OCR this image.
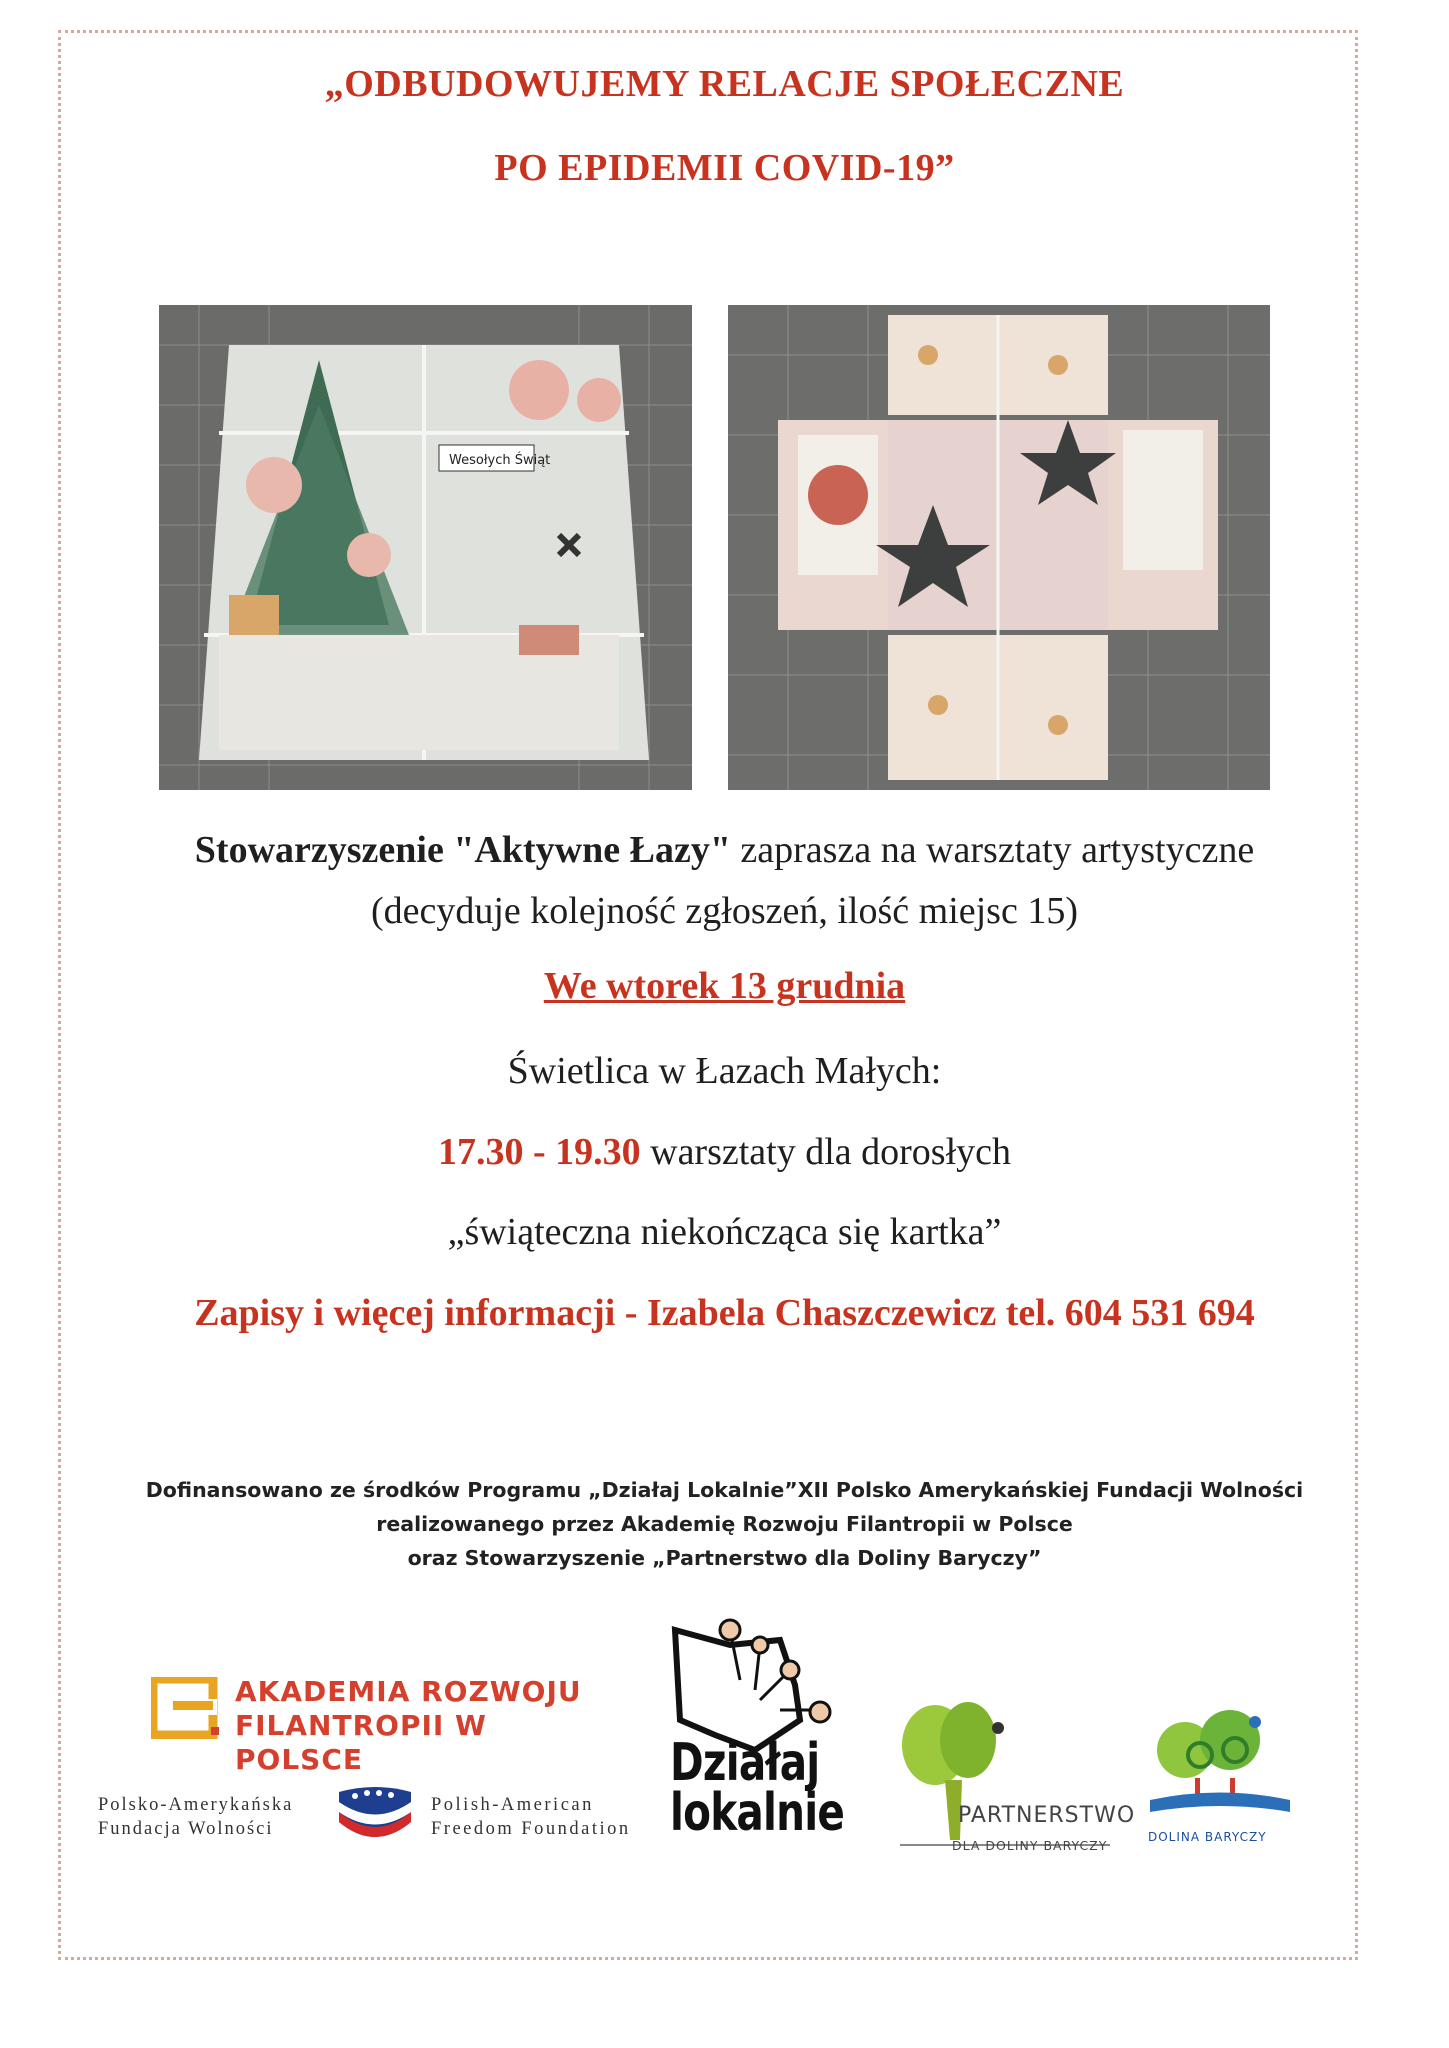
„ODBUDOWUJEMY RELACJE SPOŁECZNE
PO EPIDEMII COVID-19”
Wesołych Świąt
Stowarzyszenie "Aktywne Łazy" zaprasza na warsztaty artystyczne
(decyduje kolejność zgłoszeń, ilość miejsc 15)
We wtorek 13 grudnia
Świetlica w Łazach Małych:
17.30 - 19.30 warsztaty dla dorosłych
„świąteczna niekończąca się kartka”
Zapisy i więcej informacji - Izabela Chaszczewicz tel. 604 531 694
Dofinansowano ze środków Programu „Działaj Lokalnie”XII Polsko Amerykańskiej Fundacji Wolności
realizowanego przez Akademię Rozwoju Filantropii w Polsce
oraz Stowarzyszenie „Partnerstwo dla Doliny Baryczy”
AKADEMIA ROZWOJU
FILANTROPII W POLSCE
Polsko-Amerykańska
Fundacja Wolności
Polish-American
Freedom Foundation
Działaj
lokalnie	PARTNERSTWO
DLA DOLINY BARYCZY
DOLINA BARYCZY
